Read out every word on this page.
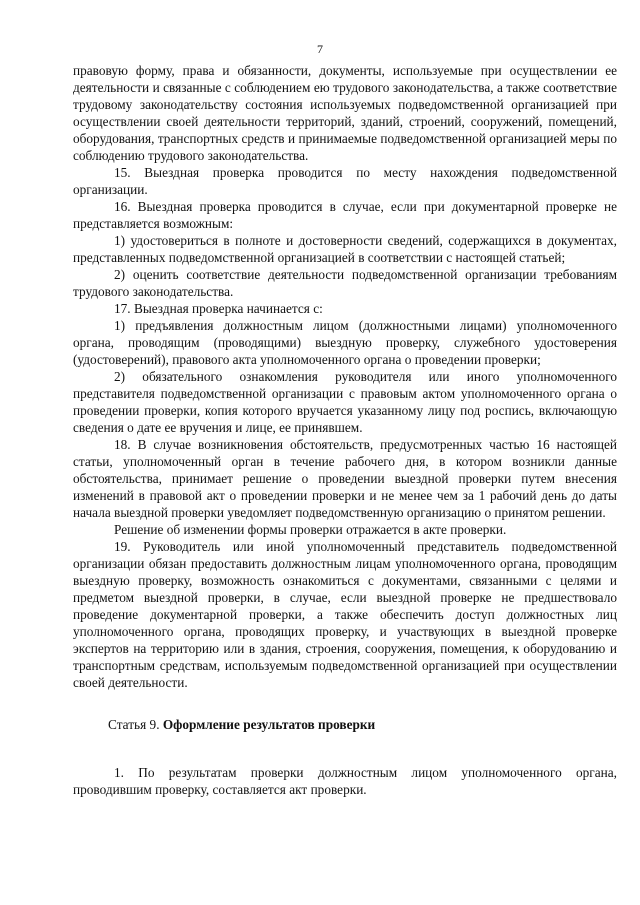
7

правовую форму, права и обязанности, документы, используемые при осуществлении ее деятельности и связанные с соблюдением ею трудового законодательства, а также соответствие трудовому законодательству состояния используемых подведомственной организацией при осуществлении своей деятельности территорий, зданий, строений, сооружений, помещений, оборудования, транспортных средств и принимаемые подведомственной организацией меры по соблюдению трудового законодательства.

15. Выездная проверка проводится по месту нахождения подведомственной организации.

16. Выездная проверка проводится в случае, если при документарной проверке не представляется возможным:

1) удостовериться в полноте и достоверности сведений, содержащихся в документах, представленных подведомственной организацией в соответствии с настоящей статьей;

2) оценить соответствие деятельности подведомственной организации требованиям трудового законодательства.

17. Выездная проверка начинается с:

1) предъявления должностным лицом (должностными лицами) уполномоченного органа, проводящим (проводящими) выездную проверку, служебного удостоверения (удостоверений), правового акта уполномоченного органа о проведении проверки;

2) обязательного ознакомления руководителя или иного уполномоченного представителя подведомственной организации с правовым актом уполномоченного органа о проведении проверки, копия которого вручается указанному лицу под роспись, включающую сведения о дате ее вручения и лице, ее принявшем.

18. В случае возникновения обстоятельств, предусмотренных частью 16 настоящей статьи, уполномоченный орган в течение рабочего дня, в котором возникли данные обстоятельства, принимает решение о проведении выездной проверки путем внесения изменений в правовой акт о проведении проверки и не менее чем за 1 рабочий день до даты начала выездной проверки уведомляет подведомственную организацию о принятом решении.

Решение об изменении формы проверки отражается в акте проверки.

19. Руководитель или иной уполномоченный представитель подведомственной организации обязан предоставить должностным лицам уполномоченного органа, проводящим выездную проверку, возможность ознакомиться с документами, связанными с целями и предметом выездной проверки, в случае, если выездной проверке не предшествовало проведение документарной проверки, а также обеспечить доступ должностных лиц уполномоченного органа, проводящих проверку, и участвующих в выездной проверке экспертов на территорию или в здания, строения, сооружения, помещения, к оборудованию и транспортным средствам, используемым подведомственной организацией при осуществлении своей деятельности.

Статья 9. Оформление результатов проверки

1. По результатам проверки должностным лицом уполномоченного органа, проводившим проверку, составляется акт проверки.
